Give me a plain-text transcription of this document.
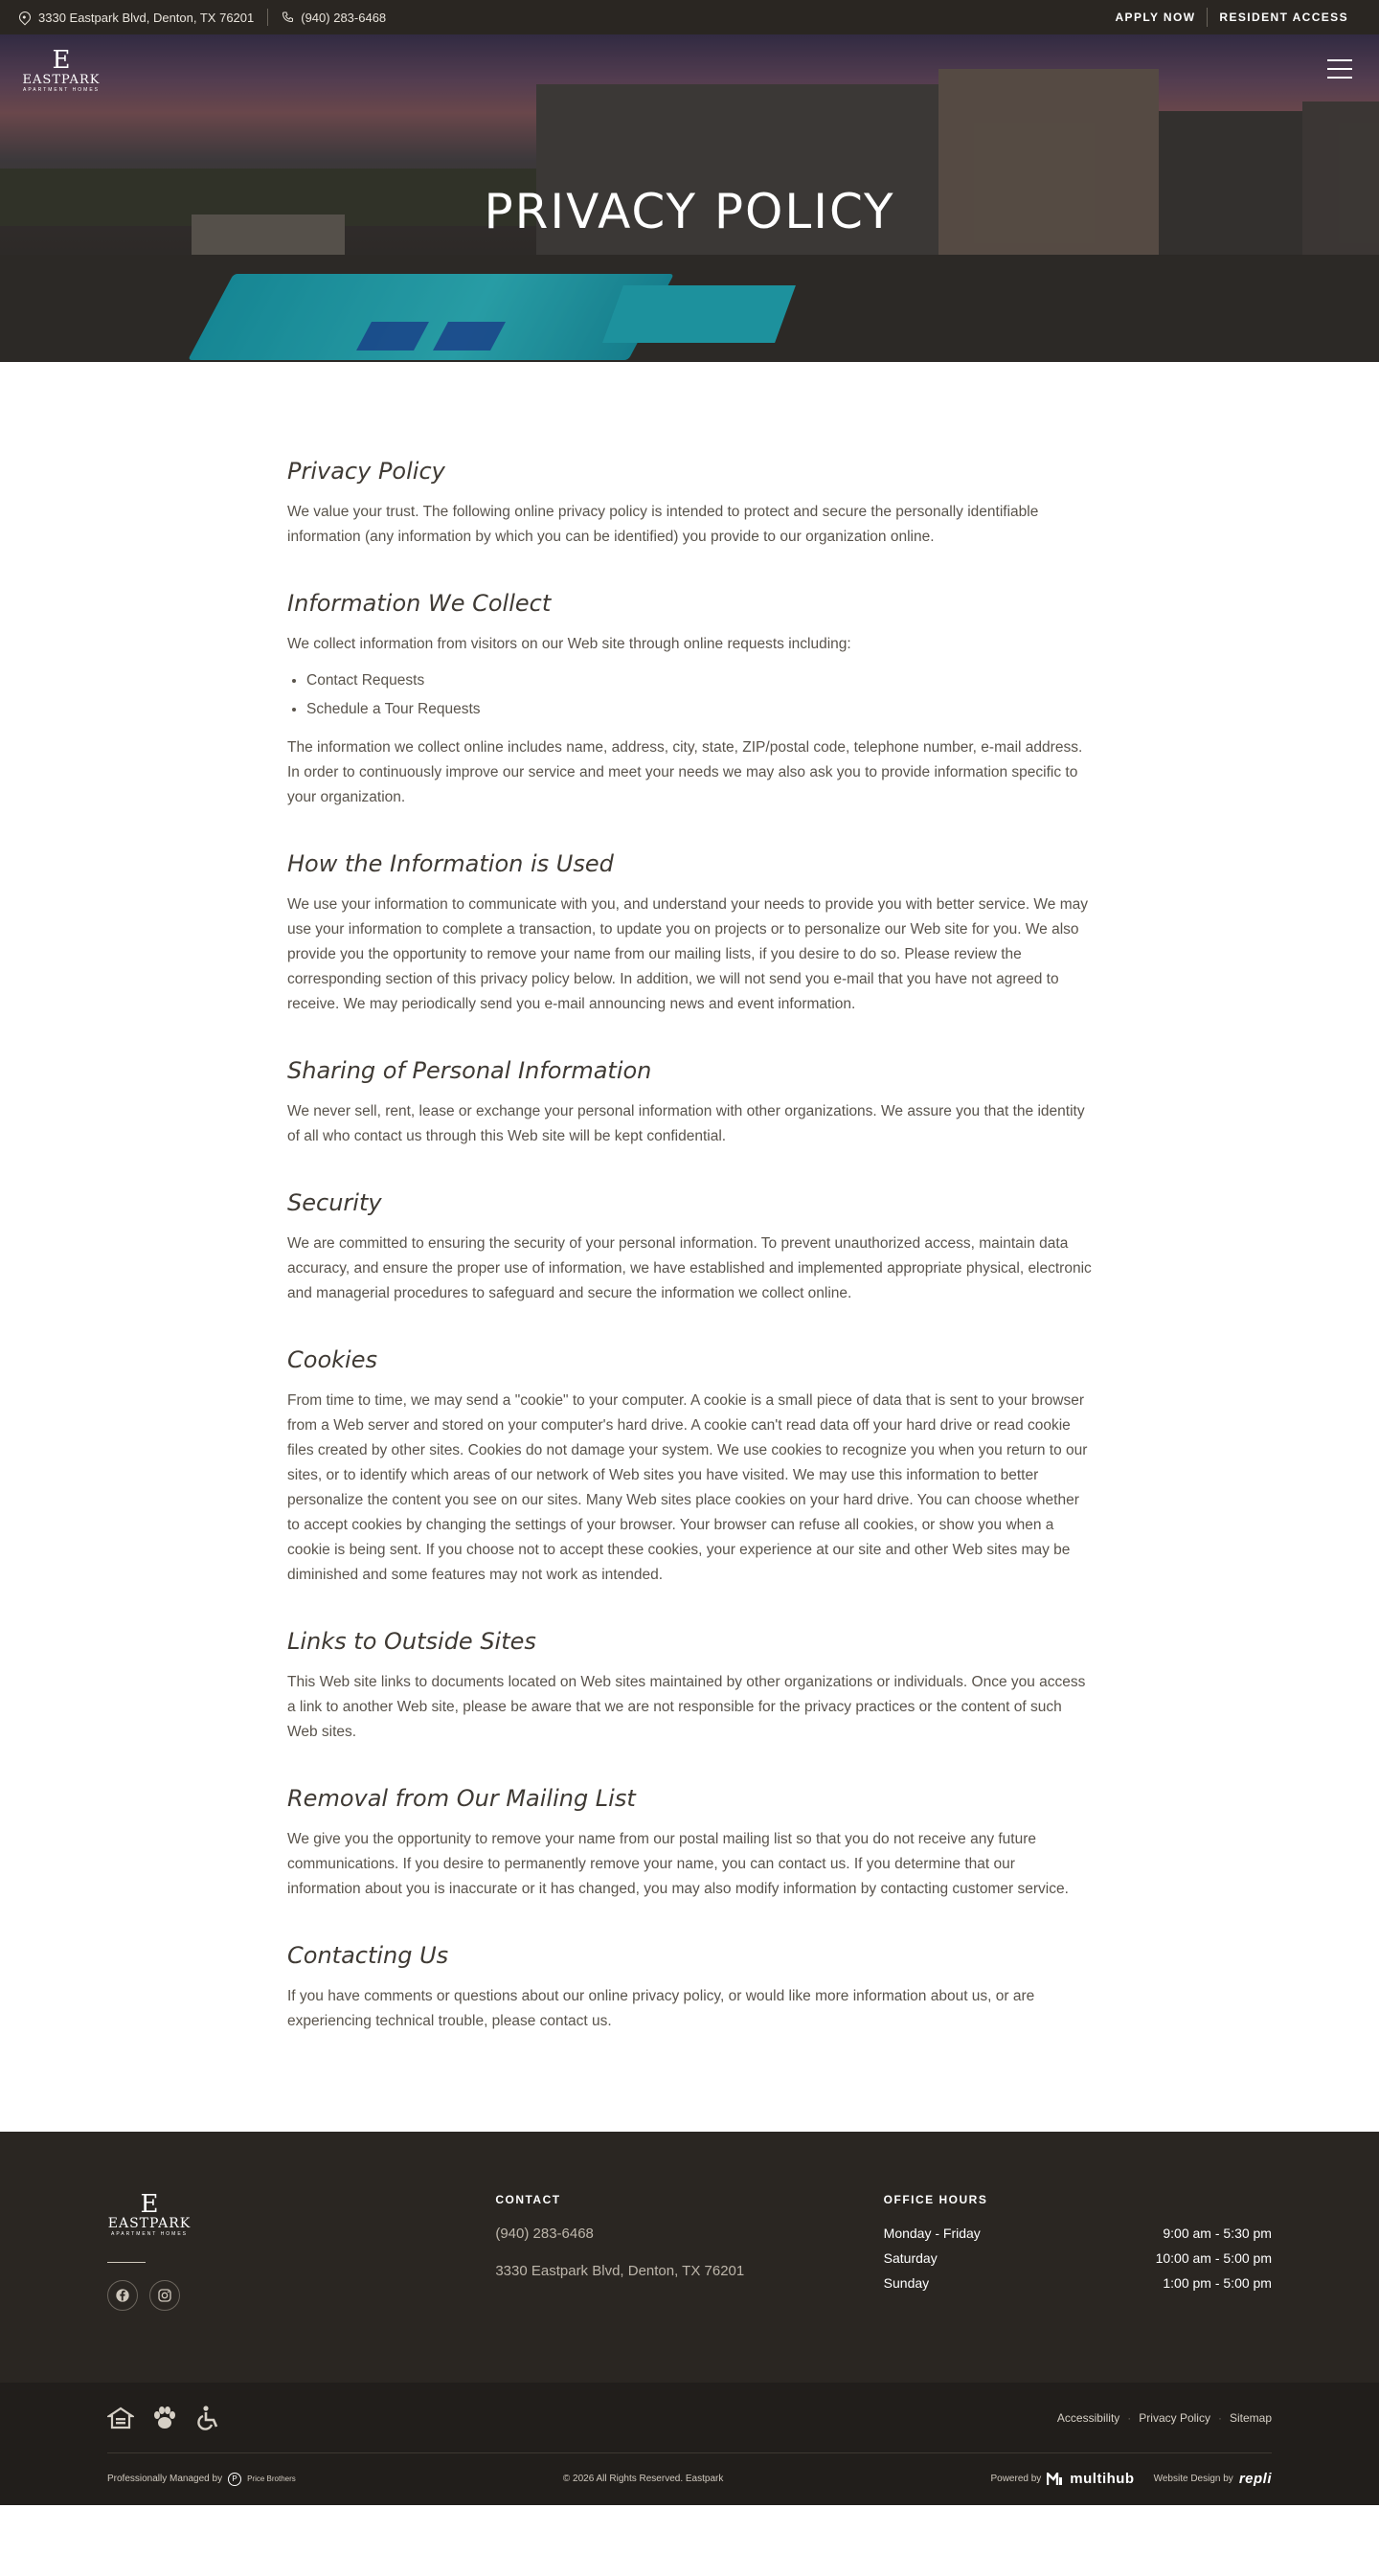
3330 Eastpark Blvd, Denton, TX 76201	(940) 283-6468	APPLY NOW	RESIDENT ACCESS
E
EASTPARK
APARTMENT HOMES
PRIVACY POLICY
Privacy Policy

We value your trust. The following online privacy policy is intended to protect and secure the personally identifiable information (any information by which you can be identified) you provide to our organization online.

Information We Collect

We collect information from visitors on our Web site through online requests including:

• Contact Requests
• Schedule a Tour Requests

The information we collect online includes name, address, city, state, ZIP/postal code, telephone number, e-mail address. In order to continuously improve our service and meet your needs we may also ask you to provide information specific to your organization.

How the Information is Used

We use your information to communicate with you, and understand your needs to provide you with better service. We may use your information to complete a transaction, to update you on projects or to personalize our Web site for you. We also provide you the opportunity to remove your name from our mailing lists, if you desire to do so. Please review the corresponding section of this privacy policy below. In addition, we will not send you e-mail that you have not agreed to receive. We may periodically send you e-mail announcing news and event information.

Sharing of Personal Information

We never sell, rent, lease or exchange your personal information with other organizations. We assure you that the identity of all who contact us through this Web site will be kept confidential.

Security

We are committed to ensuring the security of your personal information. To prevent unauthorized access, maintain data accuracy, and ensure the proper use of information, we have established and implemented appropriate physical, electronic and managerial procedures to safeguard and secure the information we collect online.

Cookies

From time to time, we may send a "cookie" to your computer. A cookie is a small piece of data that is sent to your browser from a Web server and stored on your computer's hard drive. A cookie can't read data off your hard drive or read cookie files created by other sites. Cookies do not damage your system. We use cookies to recognize you when you return to our sites, or to identify which areas of our network of Web sites you have visited. We may use this information to better personalize the content you see on our sites. Many Web sites place cookies on your hard drive. You can choose whether to accept cookies by changing the settings of your browser. Your browser can refuse all cookies, or show you when a cookie is being sent. If you choose not to accept these cookies, your experience at our site and other Web sites may be diminished and some features may not work as intended.

Links to Outside Sites

This Web site links to documents located on Web sites maintained by other organizations or individuals. Once you access a link to another Web site, please be aware that we are not responsible for the privacy practices or the content of such Web sites.

Removal from Our Mailing List

We give you the opportunity to remove your name from our postal mailing list so that you do not receive any future communications. If you desire to permanently remove your name, you can contact us. If you determine that our information about you is inaccurate or it has changed, you may also modify information by contacting customer service.

Contacting Us

If you have comments or questions about our online privacy policy, or would like more information about us, or are experiencing technical trouble, please contact us.

E
EASTPARK
APARTMENT HOMES
CONTACT
(940) 283-6468
3330 Eastpark Blvd, Denton, TX 76201
OFFICE HOURS
Monday - Friday	9:00 am - 5:30 pm
Saturday	10:00 am - 5:00 pm
Sunday	1:00 pm - 5:00 pm
Accessibility · Privacy Policy · Sitemap
Professionally Managed by	P	Price Brothers	© 2026 All Rights Reserved. Eastpark	Powered by multihub Website Design by repli
